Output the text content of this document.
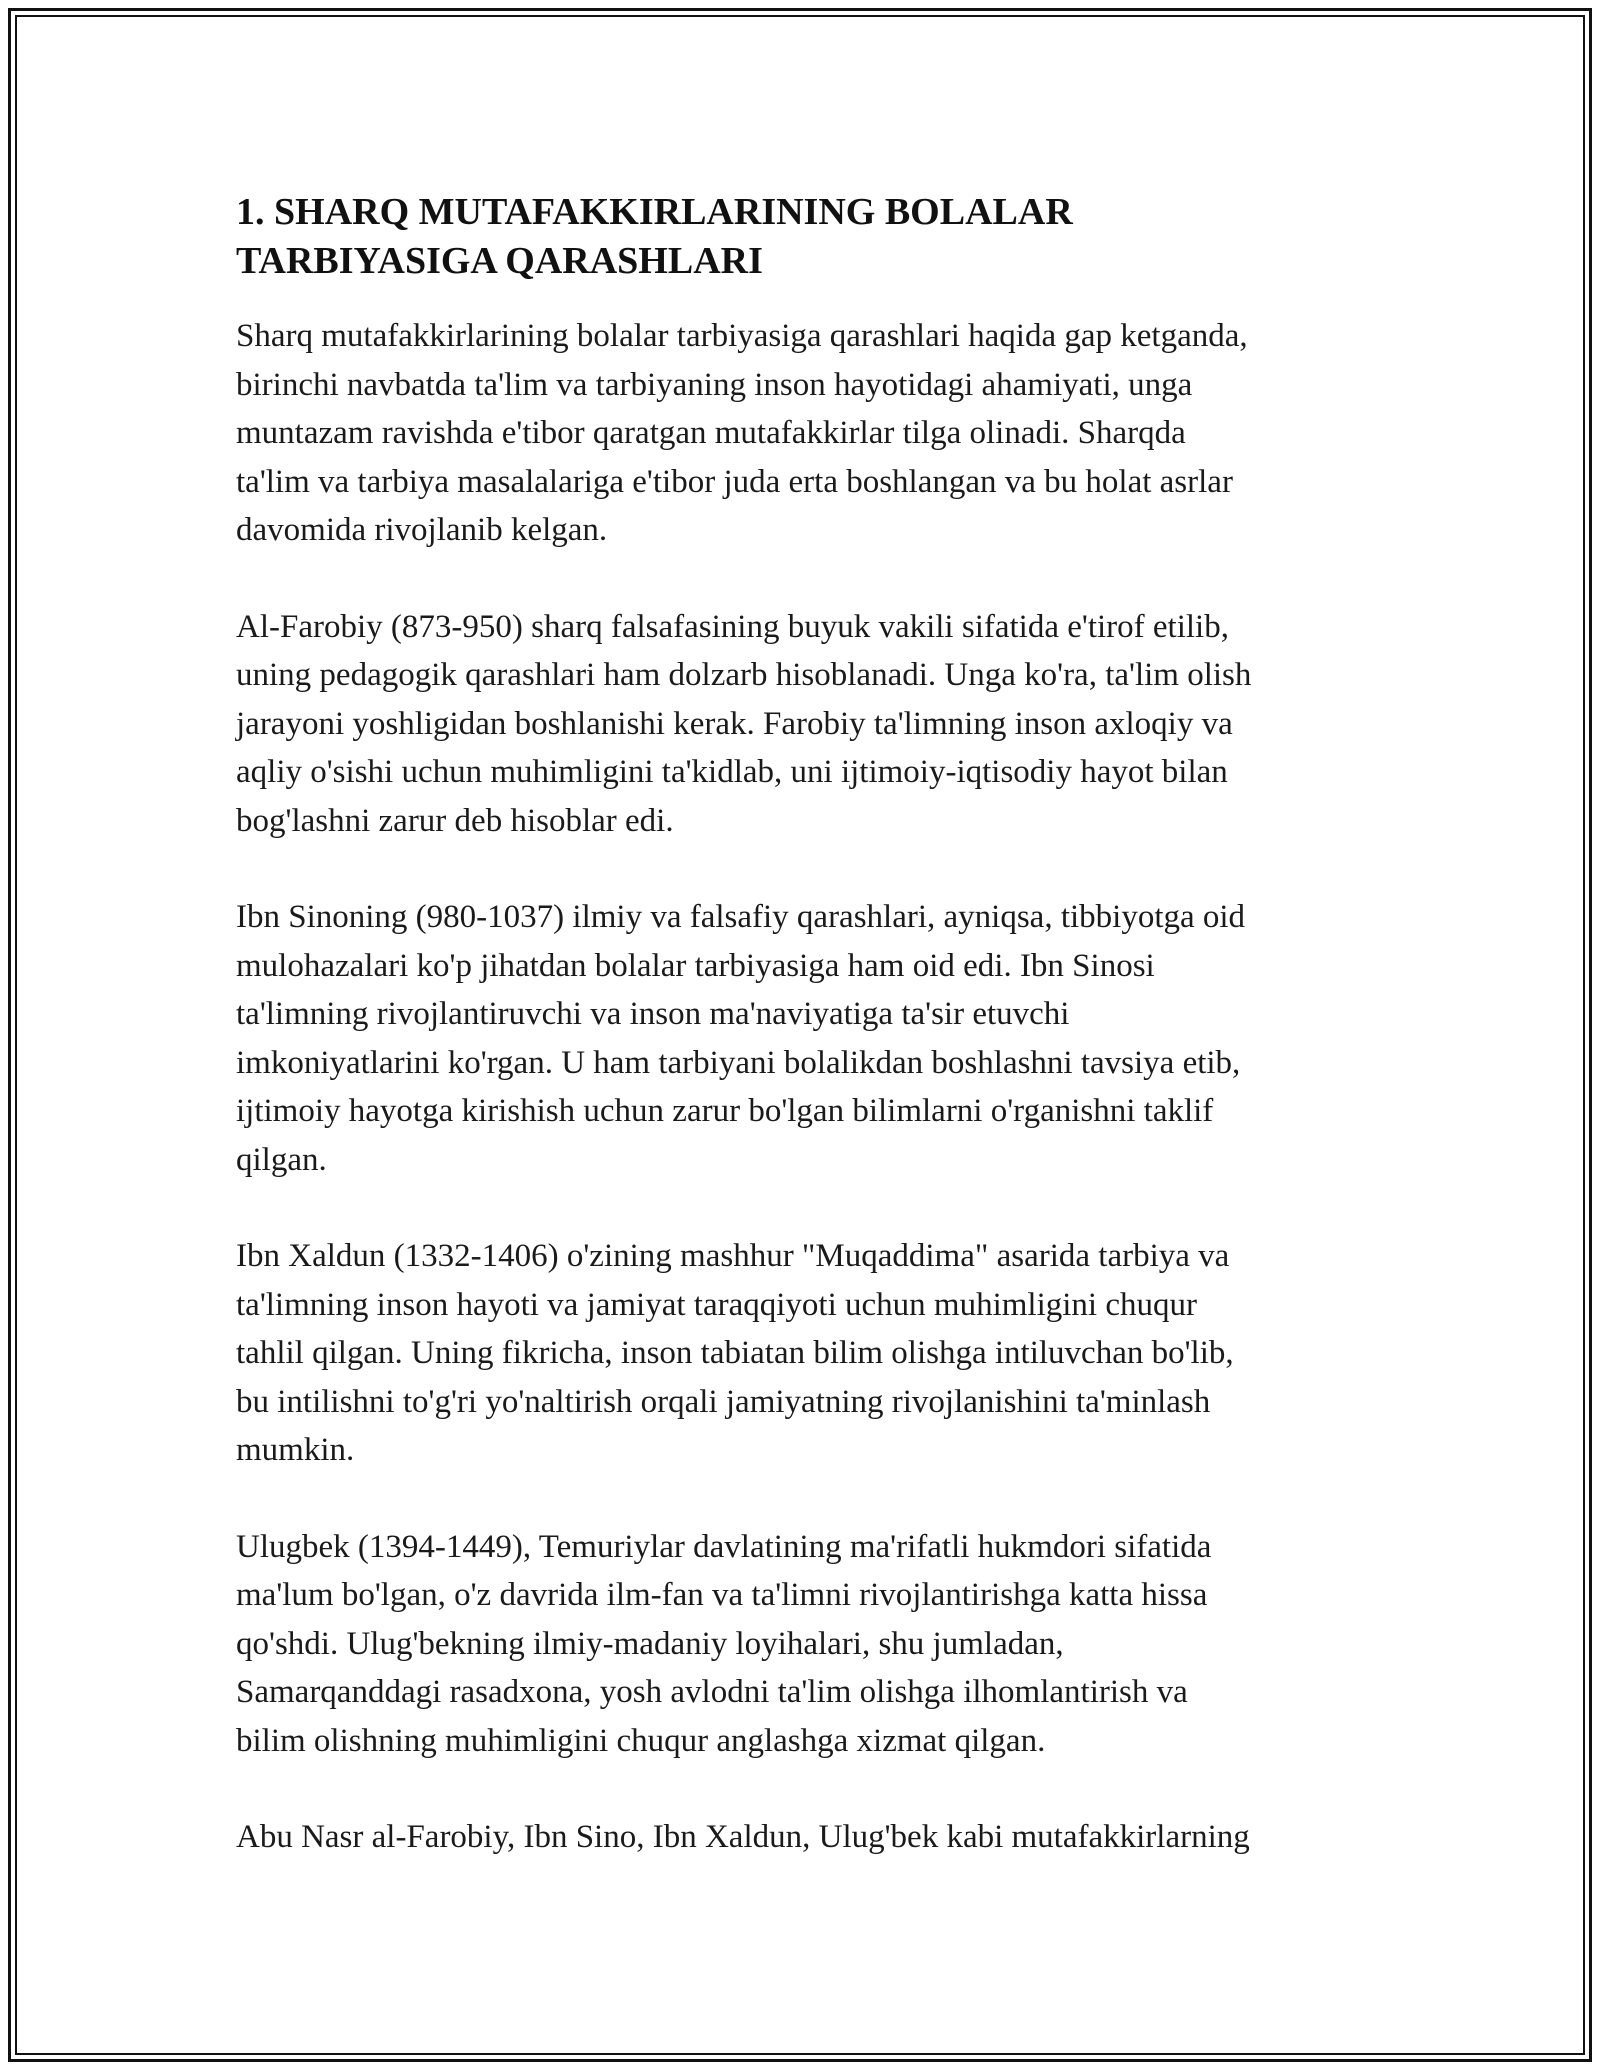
1. SHARQ MUTAFAKKIRLARINING BOLALAR
TARBIYASIGA QARASHLARI

Sharq mutafakkirlarining bolalar tarbiyasiga qarashlari haqida gap ketganda,
birinchi navbatda ta'lim va tarbiyaning inson hayotidagi ahamiyati, unga
muntazam ravishda e'tibor qaratgan mutafakkirlar tilga olinadi. Sharqda
ta'lim va tarbiya masalalariga e'tibor juda erta boshlangan va bu holat asrlar
davomida rivojlanib kelgan.

Al-Farobiy (873-950) sharq falsafasining buyuk vakili sifatida e'tirof etilib,
uning pedagogik qarashlari ham dolzarb hisoblanadi. Unga ko'ra, ta'lim olish
jarayoni yoshligidan boshlanishi kerak. Farobiy ta'limning inson axloqiy va
aqliy o'sishi uchun muhimligini ta'kidlab, uni ijtimoiy-iqtisodiy hayot bilan
bog'lashni zarur deb hisoblar edi.

Ibn Sinoning (980-1037) ilmiy va falsafiy qarashlari, ayniqsa, tibbiyotga oid
mulohazalari ko'p jihatdan bolalar tarbiyasiga ham oid edi. Ibn Sinosi
ta'limning rivojlantiruvchi va inson ma'naviyatiga ta'sir etuvchi
imkoniyatlarini ko'rgan. U ham tarbiyani bolalikdan boshlashni tavsiya etib,
ijtimoiy hayotga kirishish uchun zarur bo'lgan bilimlarni o'rganishni taklif
qilgan.

Ibn Xaldun (1332-1406) o'zining mashhur "Muqaddima" asarida tarbiya va
ta'limning inson hayoti va jamiyat taraqqiyoti uchun muhimligini chuqur
tahlil qilgan. Uning fikricha, inson tabiatan bilim olishga intiluvchan bo'lib,
bu intilishni to'g'ri yo'naltirish orqali jamiyatning rivojlanishini ta'minlash
mumkin.

Ulugbek (1394-1449), Temuriylar davlatining ma'rifatli hukmdori sifatida
ma'lum bo'lgan, o'z davrida ilm-fan va ta'limni rivojlantirishga katta hissa
qo'shdi. Ulug'bekning ilmiy-madaniy loyihalari, shu jumladan,
Samarqanddagi rasadxona, yosh avlodni ta'lim olishga ilhomlantirish va
bilim olishning muhimligini chuqur anglashga xizmat qilgan.

Abu Nasr al-Farobiy, Ibn Sino, Ibn Xaldun, Ulug'bek kabi mutafakkirlarning
